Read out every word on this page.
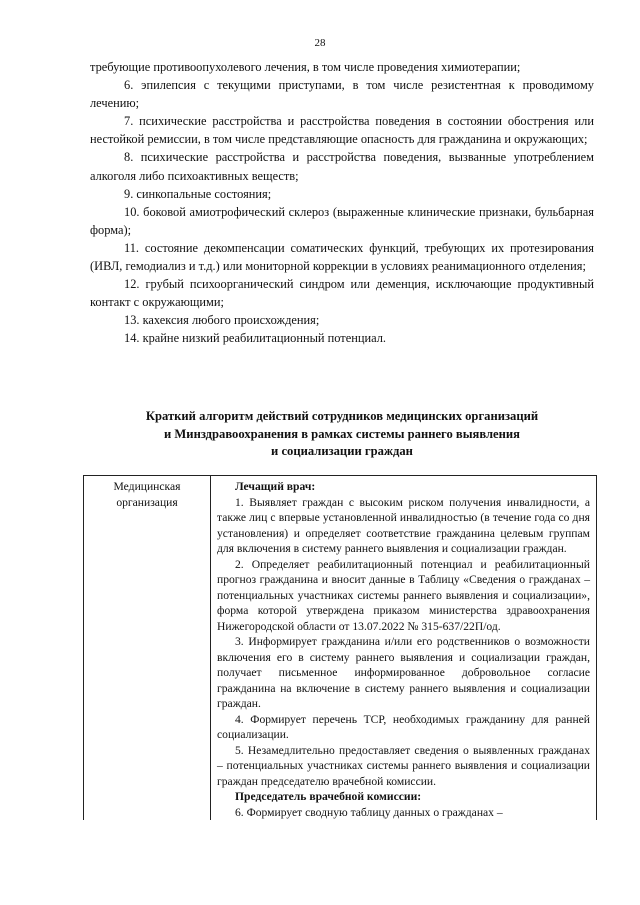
28

требующие противоопухолевого лечения, в том числе проведения химиотерапии;

6. эпилепсия с текущими приступами, в том числе резистентная к проводимому лечению;

7. психические расстройства и расстройства поведения в состоянии обострения или нестойкой ремиссии, в том числе представляющие опасность для гражданина и окружающих;

8. психические расстройства и расстройства поведения, вызванные употреблением алкоголя либо психоактивных веществ;

9. синкопальные состояния;

10. боковой амиотрофический склероз (выраженные клинические признаки, бульбарная форма);

11. состояние декомпенсации соматических функций, требующих их протезирования (ИВЛ, гемодиализ и т.д.) или мониторной коррекции в условиях реанимационного отделения;

12. грубый психоорганический синдром или деменция, исключающие продуктивный контакт с окружающими;

13. кахексия любого происхождения;

14. крайне низкий реабилитационный потенциал.

Краткий алгоритм действий сотрудников медицинских организаций
и Минздравоохранения в рамках системы раннего выявления
и социализации граждан
Медицинская организация	

Лечащий врач:

1. Выявляет граждан с высоким риском получения инвалидности, а также лиц с впервые установленной инвалидностью (в течение года со дня установления) и определяет соответствие гражданина целевым группам для включения в систему раннего выявления и социализации граждан.

2. Определяет реабилитационный потенциал и реабилитационный прогноз гражданина и вносит данные в Таблицу «Сведения о гражданах – потенциальных участниках системы раннего выявления и социализации», форма которой утверждена приказом министерства здравоохранения Нижегородской области от 13.07.2022 № 315-637/22П/од.

3. Информирует гражданина и/или его родственников о возможности включения его в систему раннего выявления и социализации граждан, получает письменное информированное добровольное согласие гражданина на включение в систему раннего выявления и социализации граждан.

4. Формирует перечень ТСР, необходимых гражданину для ранней социализации.

5. Незамедлительно предоставляет сведения о выявленных гражданах – потенциальных участниках системы раннего выявления и социализации граждан председателю врачебной комиссии.

Председатель врачебной комиссии:

6. Формирует сводную таблицу данных о гражданах –
